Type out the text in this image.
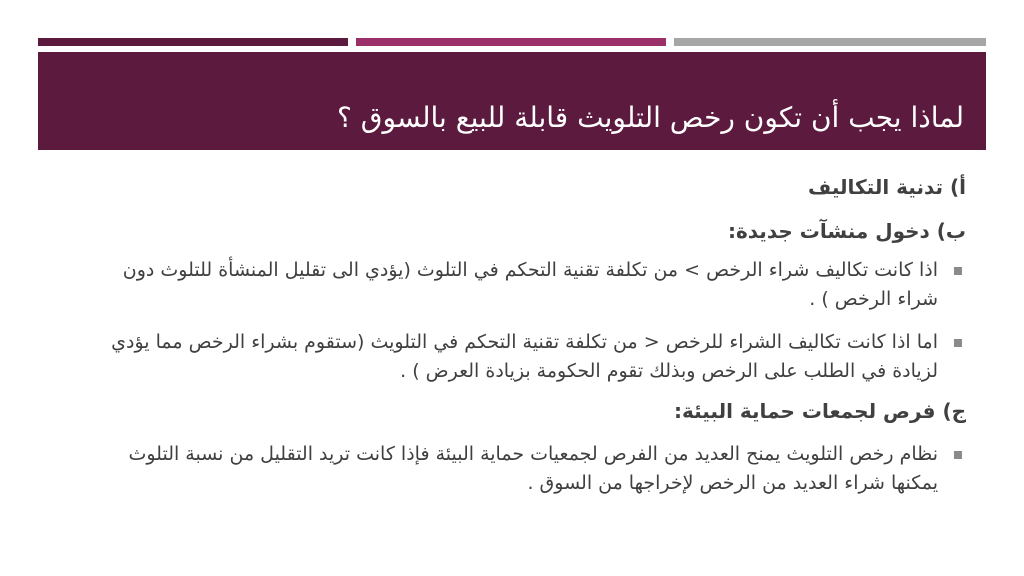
لماذا يجب أن تكون رخص التلويث قابلة للبيع بالسوق ؟

أ) تدنية التكاليف

ب) دخول منشآت جديدة:

اذا كانت تكاليف شراء الرخص > من تكلفة تقنية التحكم في التلوث (يؤدي الى تقليل المنشأة للتلوث دون شراء الرخص ) .
اما اذا كانت تكاليف الشراء للرخص < من تكلفة تقنية التحكم في التلويث (ستقوم بشراء الرخص مما يؤدي لزيادة في الطلب على الرخص وبذلك تقوم الحكومة بزيادة العرض ) .

ج) فرص لجمعات حماية البيئة:

نظام رخص التلويث يمنح العديد من الفرص لجمعيات حماية البيئة فإذا كانت تريد التقليل من نسبة التلوث يمكنها شراء العديد من الرخص لإخراجها من السوق .
